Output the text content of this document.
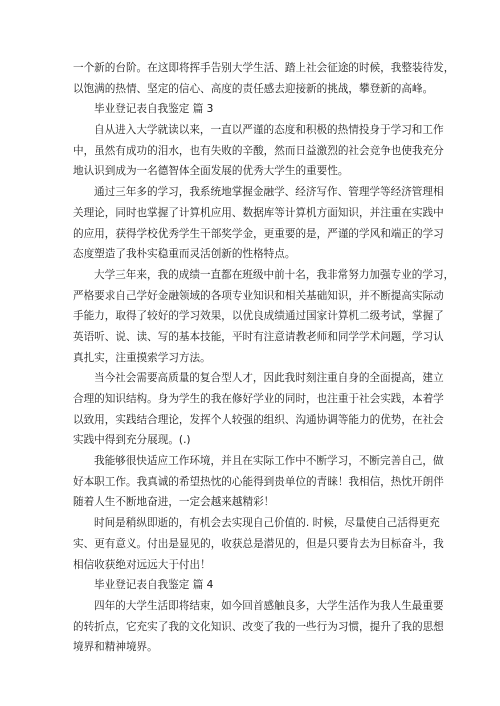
一个新的台阶。在这即将挥手告别大学生活、踏上社会征途的时候，我整装待发，
以饱满的热情、坚定的信心、高度的责任感去迎接新的挑战，攀登新的高峰。
毕业登记表自我鉴定 篇 3
自从进入大学就读以来，一直以严谨的态度和积极的热情投身于学习和工作
中，虽然有成功的泪水，也有失败的辛酸，然而日益激烈的社会竞争也使我充分
地认识到成为一名德智体全面发展的优秀大学生的重要性。
通过三年多的学习，我系统地掌握金融学、经济写作、管理学等经济管理相
关理论，同时也掌握了计算机应用、数据库等计算机方面知识，并注重在实践中
的应用，获得学校优秀学生干部奖学金，更重要的是，严谨的学风和端正的学习
态度塑造了我朴实稳重而灵活创新的性格特点。
大学三年来，我的成绩一直都在班级中前十名，我非常努力加强专业的学习，
严格要求自己学好金融领域的各项专业知识和相关基础知识，并不断提高实际动
手能力，取得了较好的学习效果，以优良成绩通过国家计算机二级考试，掌握了
英语听、说、读、写的基本技能，平时有注意请教老师和同学学术问题，学习认
真扎实，注重摸索学习方法。
当今社会需要高质量的复合型人才，因此我时刻注重自身的全面提高，建立
合理的知识结构。身为学生的我在修好学业的同时，也注重于社会实践，本着学
以致用，实践结合理论，发挥个人较强的组织、沟通协调等能力的优势，在社会
实践中得到充分展现。(.)
我能够很快适应工作环境，并且在实际工作中不断学习，不断完善自己，做
好本职工作。我真诚的希望热忱的心能得到贵单位的青睐！我相信，热忱开朗伴
随着人生不断地奋进，一定会越来越精彩！
时间是稍纵即逝的，有机会去实现自己价值的. 时候，尽量使自己活得更充
实、更有意义。付出是显见的，收获总是潜见的，但是只要肯去为目标奋斗，我
相信收获绝对远远大于付出！
毕业登记表自我鉴定 篇 4
四年的大学生活即将结束，如今回首感触良多，大学生活作为我人生最重要
的转折点，它充实了我的文化知识、改变了我的一些行为习惯，提升了我的思想
境界和精神境界。
